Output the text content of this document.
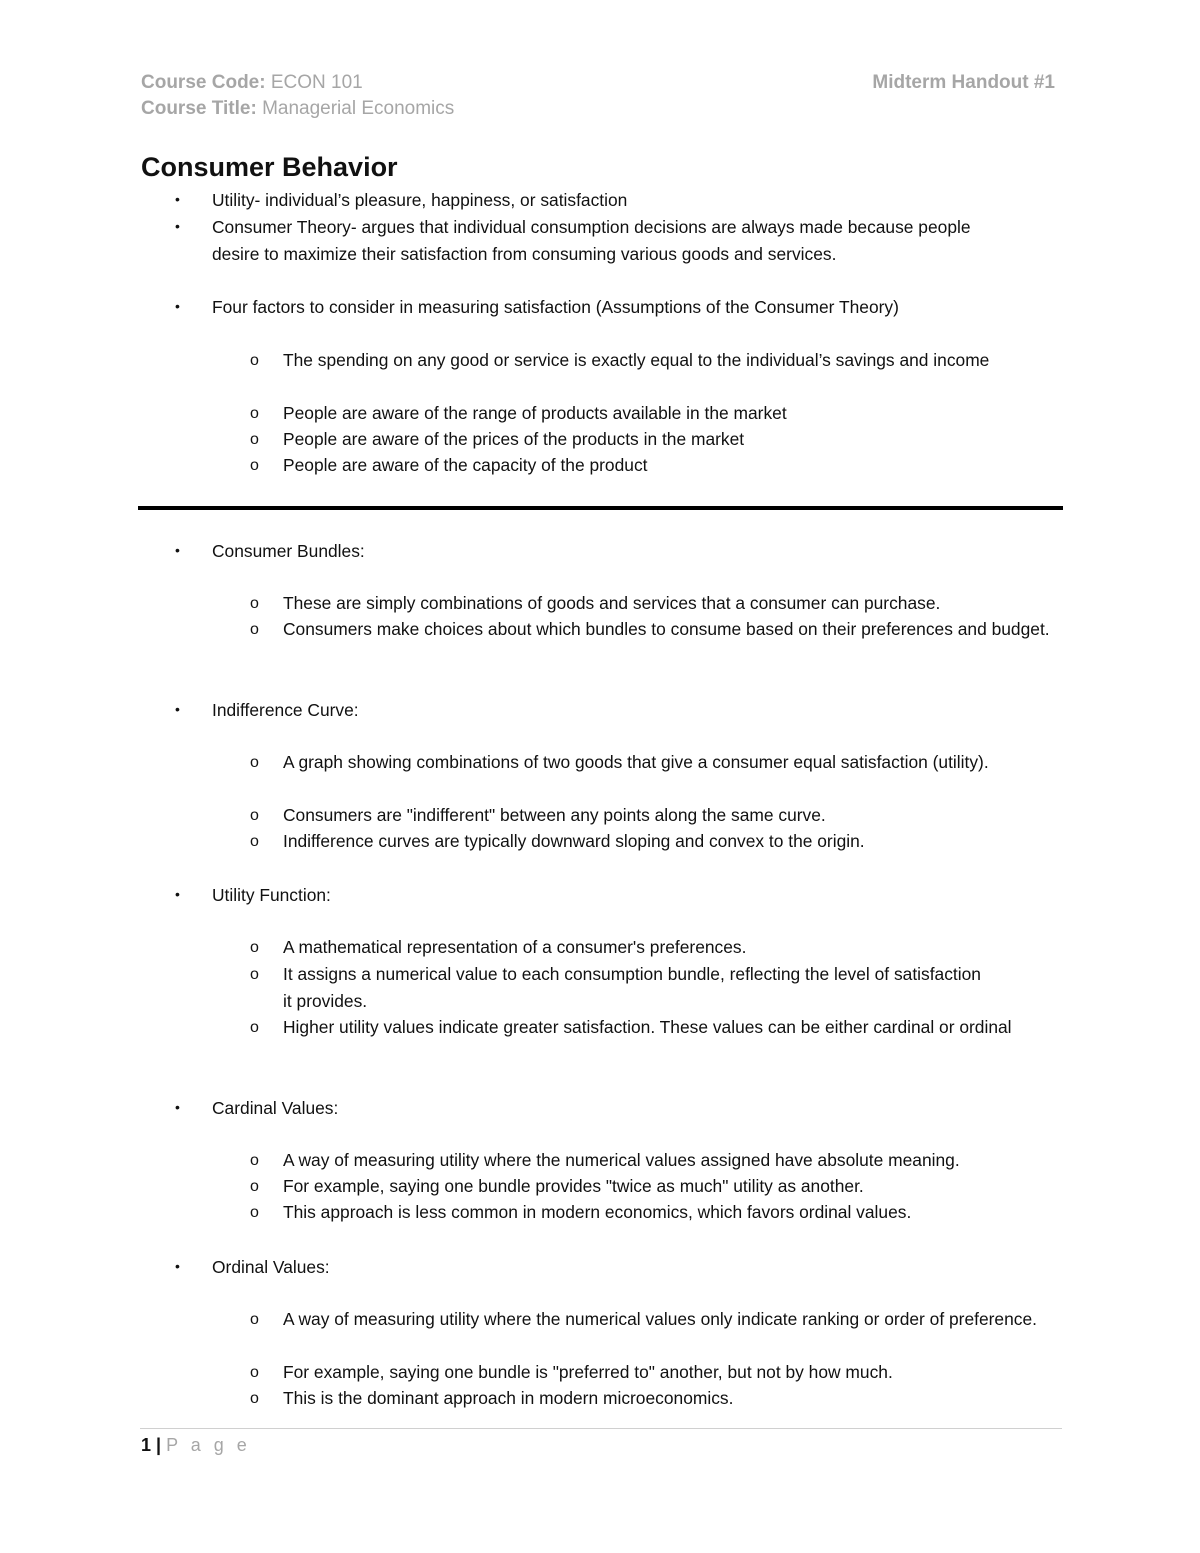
Course Code: ECON 101
Course Title: Managerial Economics
Midterm Handout #1
Consumer Behavior
• Utility- individual’s pleasure, happiness, or satisfaction
• Consumer Theory- argues that individual consumption decisions are always made because people desire to maximize their satisfaction from consuming various goods and services.
• Four factors to consider in measuring satisfaction (Assumptions of the Consumer Theory)
o The spending on any good or service is exactly equal to the individual’s savings and income
o People are aware of the range of products available in the market
o People are aware of the prices of the products in the market
o People are aware of the capacity of the product
• Consumer Bundles:
o These are simply combinations of goods and services that a consumer can purchase.
o Consumers make choices about which bundles to consume based on their preferences and budget.
• Indifference Curve:
o A graph showing combinations of two goods that give a consumer equal satisfaction (utility).
o Consumers are "indifferent" between any points along the same curve.
o Indifference curves are typically downward sloping and convex to the origin.
• Utility Function:
o A mathematical representation of a consumer's preferences.
o It assigns a numerical value to each consumption bundle, reflecting the level of satisfaction it provides.
o Higher utility values indicate greater satisfaction. These values can be either cardinal or ordinal
• Cardinal Values:
o A way of measuring utility where the numerical values assigned have absolute meaning.
o For example, saying one bundle provides "twice as much" utility as another.
o This approach is less common in modern economics, which favors ordinal values.
• Ordinal Values:
o A way of measuring utility where the numerical values only indicate ranking or order of preference.
o For example, saying one bundle is "preferred to" another, but not by how much.
o This is the dominant approach in modern microeconomics.
1 | P a g e
